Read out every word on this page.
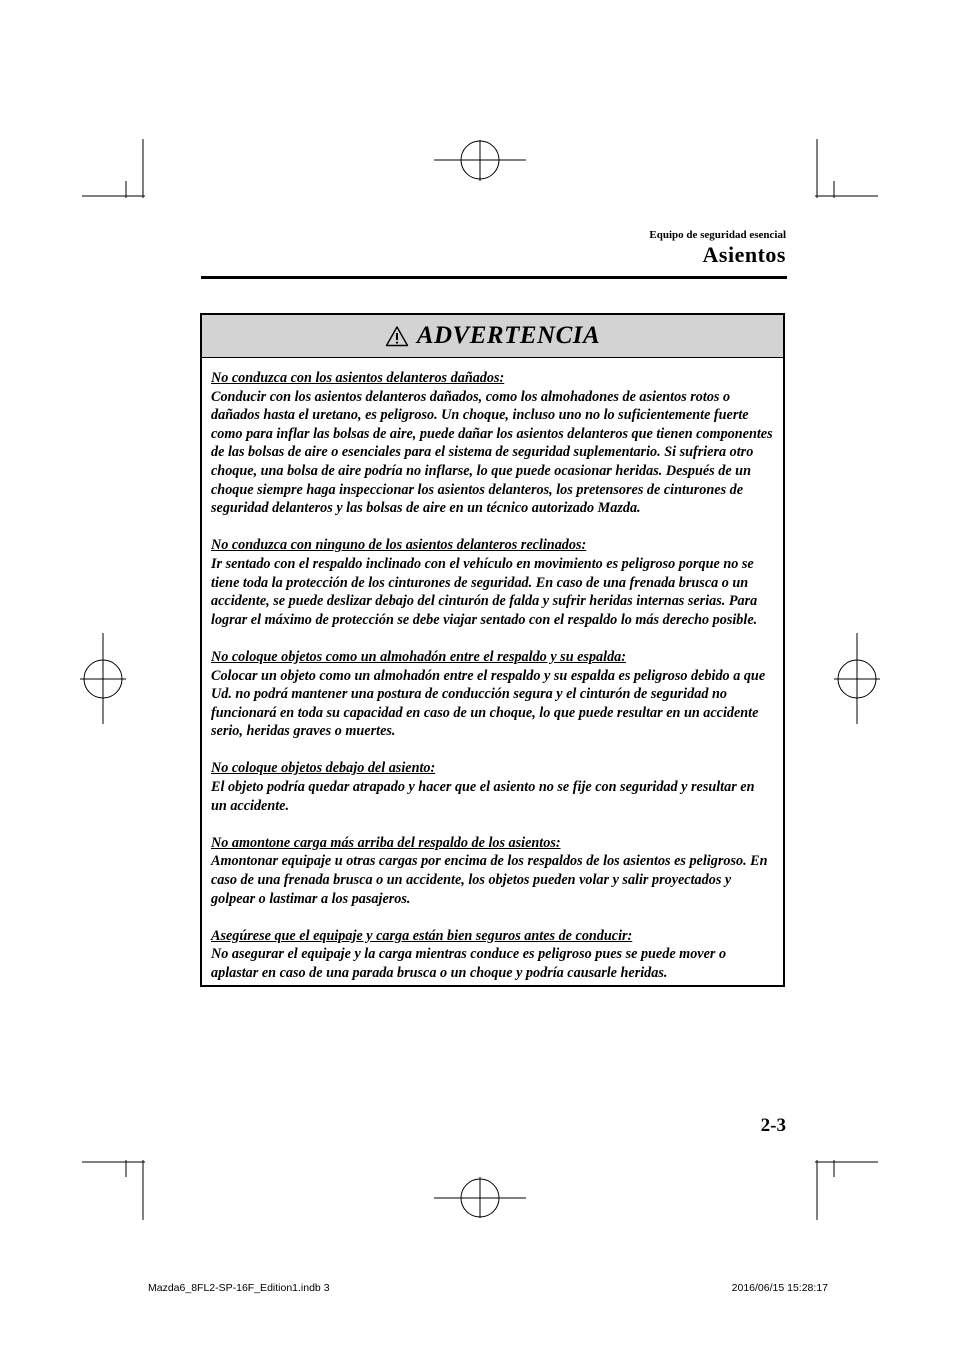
Equipo de seguridad esencial
Asientos
ADVERTENCIA
No conduzca con los asientos delanteros dañados:
Conducir con los asientos delanteros dañados, como los almohadones de asientos rotos o dañados hasta el uretano, es peligroso. Un choque, incluso uno no lo suficientemente fuerte como para inflar las bolsas de aire, puede dañar los asientos delanteros que tienen componentes de las bolsas de aire o esenciales para el sistema de seguridad suplementario. Si sufriera otro choque, una bolsa de aire podría no inflarse, lo que puede ocasionar heridas. Después de un choque siempre haga inspeccionar los asientos delanteros, los pretensores de cinturones de seguridad delanteros y las bolsas de aire en un técnico autorizado Mazda.
No conduzca con ninguno de los asientos delanteros reclinados:
Ir sentado con el respaldo inclinado con el vehículo en movimiento es peligroso porque no se tiene toda la protección de los cinturones de seguridad. En caso de una frenada brusca o un accidente, se puede deslizar debajo del cinturón de falda y sufrir heridas internas serias. Para lograr el máximo de protección se debe viajar sentado con el respaldo lo más derecho posible.
No coloque objetos como un almohadón entre el respaldo y su espalda:
Colocar un objeto como un almohadón entre el respaldo y su espalda es peligroso debido a que Ud. no podrá mantener una postura de conducción segura y el cinturón de seguridad no funcionará en toda su capacidad en caso de un choque, lo que puede resultar en un accidente serio, heridas graves o muertes.
No coloque objetos debajo del asiento:
El objeto podría quedar atrapado y hacer que el asiento no se fije con seguridad y resultar en un accidente.
No amontone carga más arriba del respaldo de los asientos:
Amontonar equipaje u otras cargas por encima de los respaldos de los asientos es peligroso. En caso de una frenada brusca o un accidente, los objetos pueden volar y salir proyectados y golpear o lastimar a los pasajeros.
Asegúrese que el equipaje y carga están bien seguros antes de conducir:
No asegurar el equipaje y la carga mientras conduce es peligroso pues se puede mover o aplastar en caso de una parada brusca o un choque y podría causarle heridas.
2-3
Mazda6_8FL2-SP-16F_Edition1.indb 3	2016/06/15 15:28:17
